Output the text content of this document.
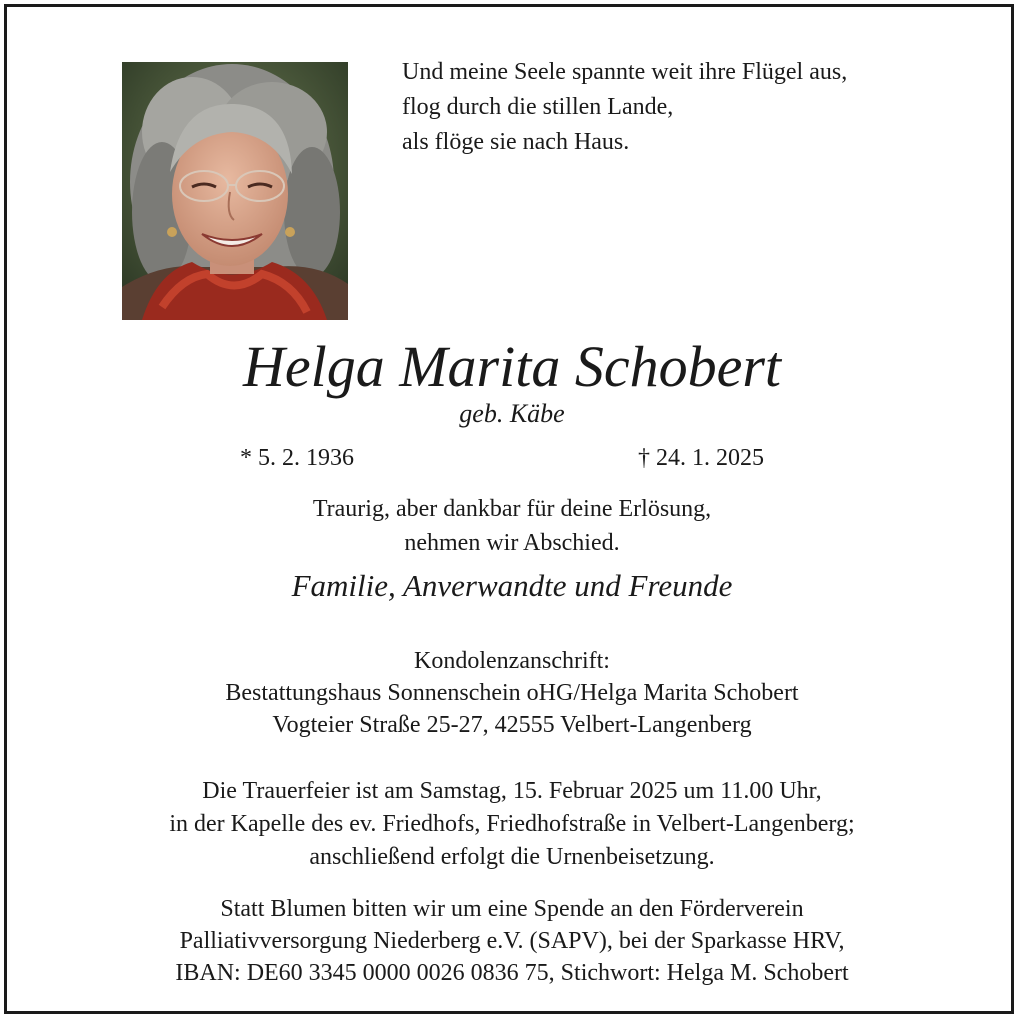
Und meine Seele spannte weit ihre Flügel aus,
flog durch die stillen Lande,
als flöge sie nach Haus.
Helga Marita Schobert
geb. Käbe
* 5. 2. 1936	† 24. 1. 2025
Traurig, aber dankbar für deine Erlösung,
nehmen wir Abschied.
Familie, Anverwandte und Freunde
Kondolenzanschrift:
Bestattungshaus Sonnenschein oHG/Helga Marita Schobert
Vogteier Straße 25-27, 42555 Velbert-Langenberg
Die Trauerfeier ist am Samstag, 15. Februar 2025 um 11.00 Uhr,
in der Kapelle des ev. Friedhofs, Friedhofstraße in Velbert-Langenberg;
anschließend erfolgt die Urnenbeisetzung.
Statt Blumen bitten wir um eine Spende an den Förderverein
Palliativversorgung Niederberg e.V. (SAPV), bei der Sparkasse HRV,
IBAN: DE60 3345 0000 0026 0836 75, Stichwort: Helga M. Schobert
